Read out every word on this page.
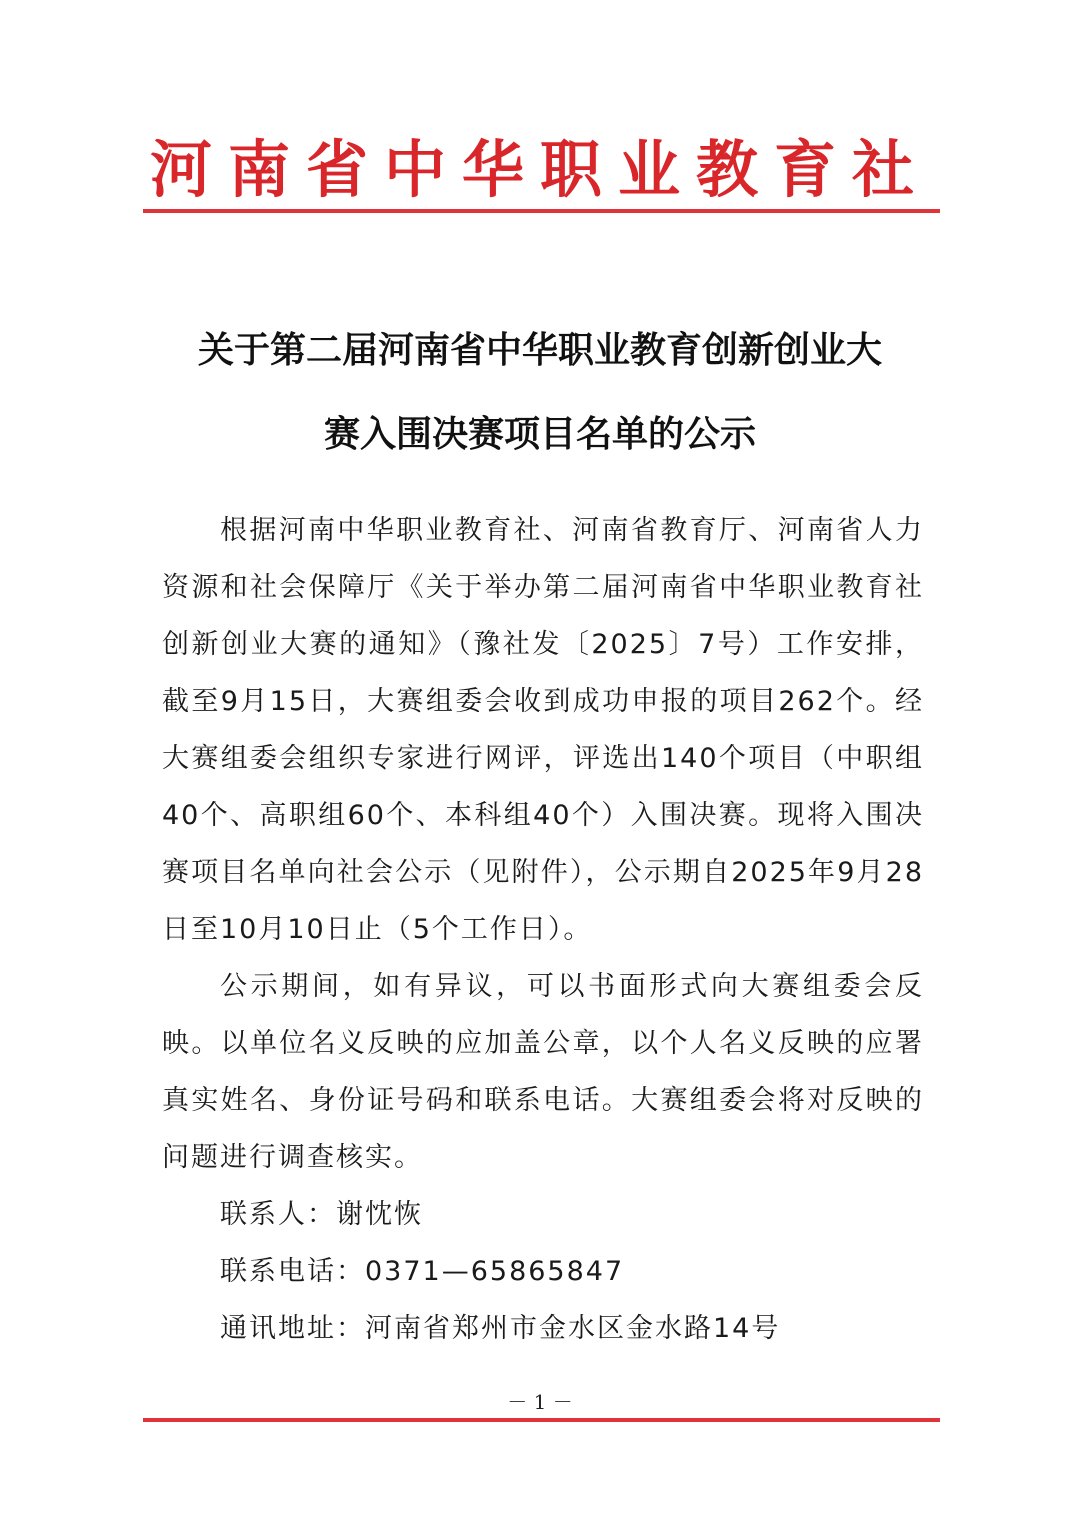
河南省中华职业教育社
关于第二届河南省中华职业教育创新创业大
赛入围决赛项目名单的公示

根据河南中华职业教育社、河南省教育厅、河南省人力资源和社会保障厅《关于举办第二届河南省中华职业教育社创新创业大赛的通知》（豫社发〔2025〕7号）工作安排，截至9月15日，大赛组委会收到成功申报的项目262个。经大赛组委会组织专家进行网评，评选出140个项目（中职组40个、高职组60个、本科组40个）入围决赛。现将入围决赛项目名单向社会公示（见附件），公示期自2025年9月28日至10月10日止（5个工作日）。

公示期间，如有异议，可以书面形式向大赛组委会反映。以单位名义反映的应加盖公章，以个人名义反映的应署真实姓名、身份证号码和联系电话。大赛组委会将对反映的问题进行调查核实。

联系人：谢忱恢

联系电话：0371—65865847

通讯地址：河南省郑州市金水区金水路14号

－ 1 －
